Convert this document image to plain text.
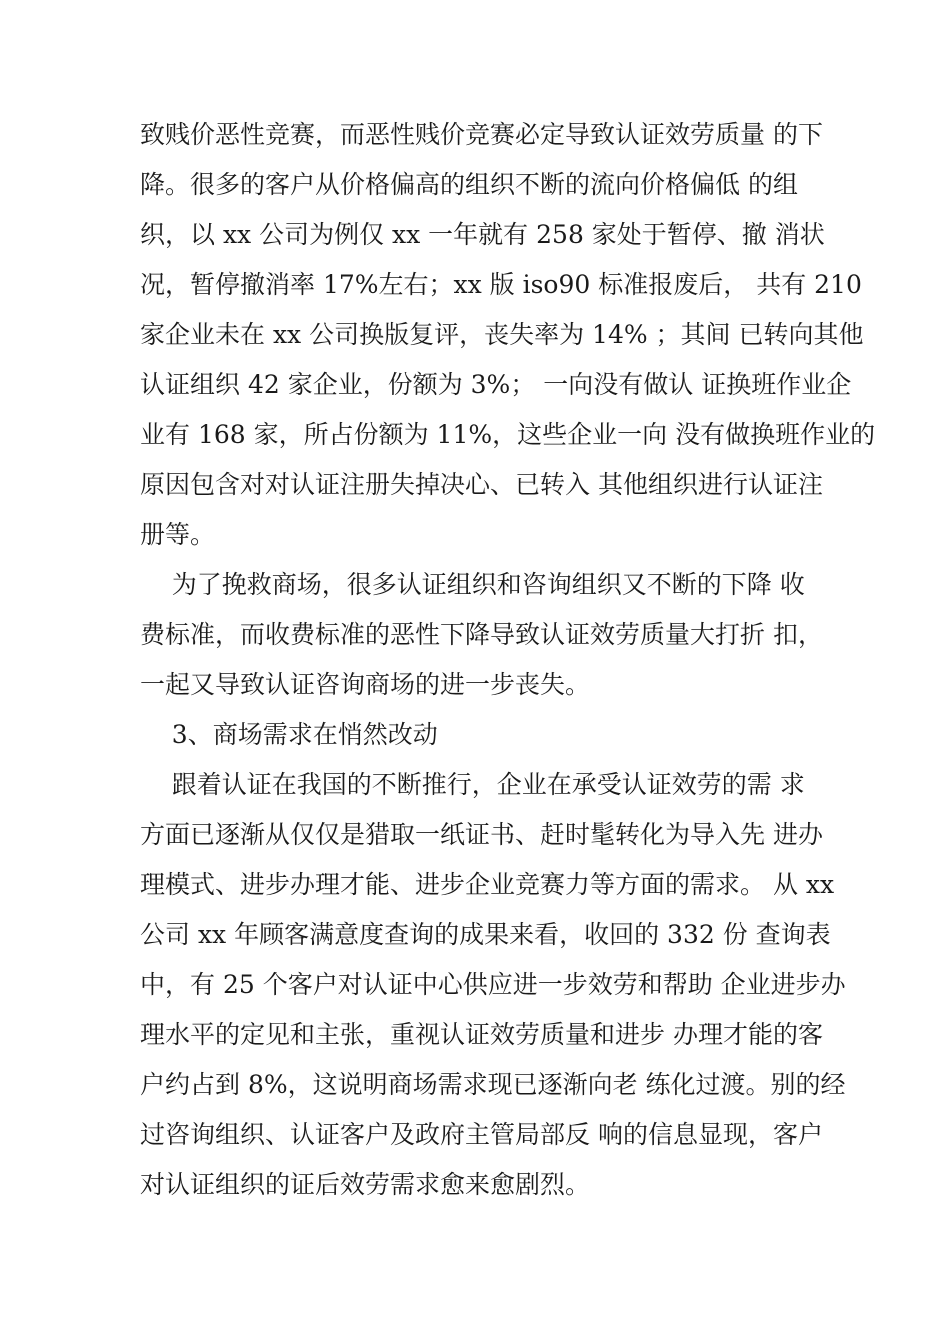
致贱价恶性竞赛，而恶性贱价竞赛必定导致认证效劳质量 的下
降。很多的客户从价格偏高的组织不断的流向价格偏低 的组
织，以 xx 公司为例仅 xx 一年就有 258 家处于暂停、撤 消状
况，暂停撤消率 17%左右；xx 版 iso90 标准报废后， 共有 210
家企业未在 xx 公司换版复评，丧失率为 14% ；其间 已转向其他
认证组织 42 家企业，份额为 3%； 一向没有做认 证换班作业企
业有 168 家，所占份额为 11%，这些企业一向 没有做换班作业的
原因包含对对认证注册失掉决心、已转入 其他组织进行认证注
册等。
为了挽救商场，很多认证组织和咨询组织又不断的下降 收
费标准，而收费标准的恶性下降导致认证效劳质量大打折 扣，
一起又导致认证咨询商场的进一步丧失。
3、商场需求在悄然改动
跟着认证在我国的不断推行，企业在承受认证效劳的需 求
方面已逐渐从仅仅是猎取一纸证书、赶时髦转化为导入先 进办
理模式、进步办理才能、进步企业竞赛力等方面的需求。 从 xx
公司 xx 年顾客满意度查询的成果来看，收回的 332 份 查询表
中，有 25 个客户对认证中心供应进一步效劳和帮助 企业进步办
理水平的定见和主张，重视认证效劳质量和进步 办理才能的客
户约占到 8%，这说明商场需求现已逐渐向老 练化过渡。别的经
过咨询组织、认证客户及政府主管局部反 响的信息显现，客户
对认证组织的证后效劳需求愈来愈剧烈。
